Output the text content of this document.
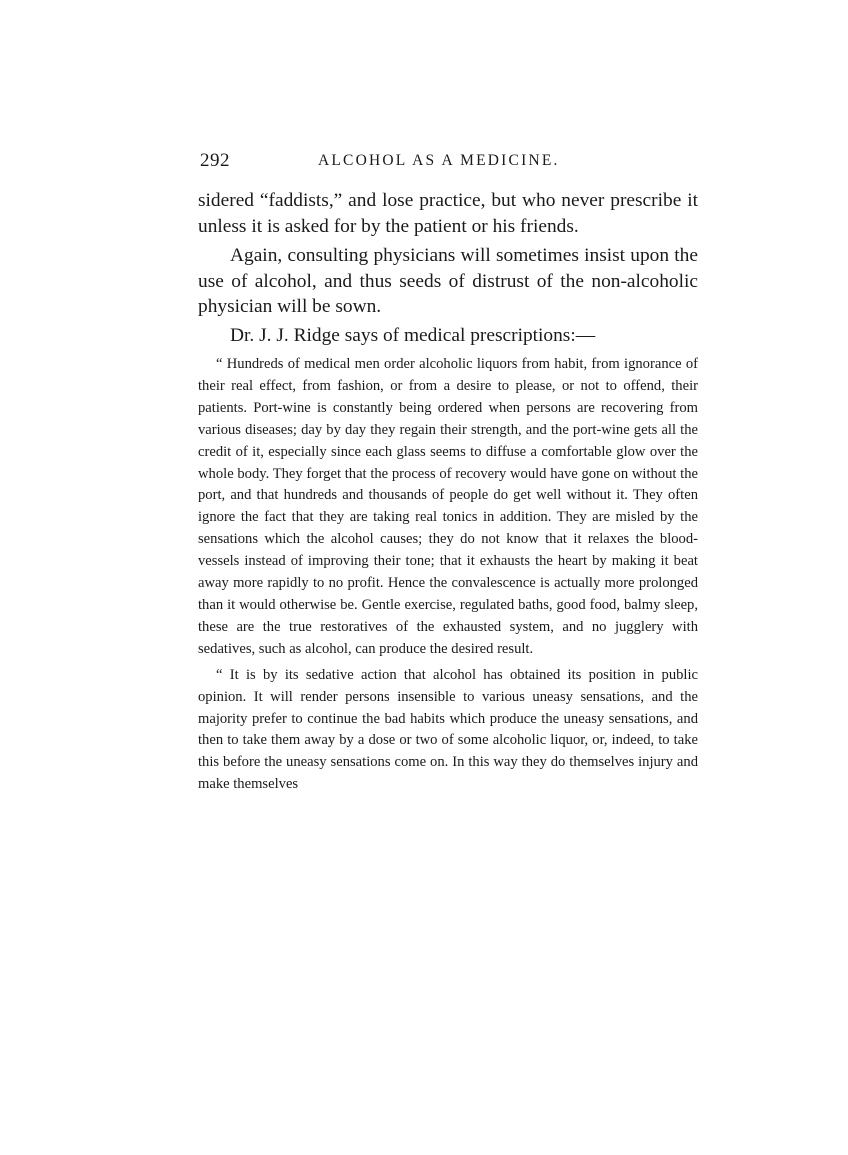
292	ALCOHOL AS A MEDICINE.

sidered “faddists,” and lose practice, but who never prescribe it unless it is asked for by the patient or his friends.

Again, consulting physicians will sometimes insist upon the use of alcohol, and thus seeds of distrust of the non-alcoholic physician will be sown.

Dr. J. J. Ridge says of medical prescriptions:—

“ Hundreds of medical men order alcoholic liquors from habit, from ignorance of their real effect, from fashion, or from a desire to please, or not to offend, their patients. Port-wine is constantly being ordered when persons are recovering from various diseases; day by day they regain their strength, and the port-wine gets all the credit of it, especially since each glass seems to diffuse a comfortable glow over the whole body. They forget that the process of recovery would have gone on without the port, and that hundreds and thousands of people do get well without it. They often ignore the fact that they are taking real tonics in addition. They are misled by the sensations which the alcohol causes; they do not know that it relaxes the blood-vessels instead of improving their tone; that it exhausts the heart by making it beat away more rapidly to no profit. Hence the convalescence is actually more prolonged than it would otherwise be. Gentle exercise, regulated baths, good food, balmy sleep, these are the true restoratives of the exhausted system, and no jugglery with sedatives, such as alcohol, can produce the desired result.

“ It is by its sedative action that alcohol has obtained its position in public opinion. It will render persons insensible to various uneasy sensations, and the majority prefer to continue the bad habits which produce the uneasy sensations, and then to take them away by a dose or two of some alcoholic liquor, or, indeed, to take this before the uneasy sensations come on. In this way they do themselves injury and make themselves
